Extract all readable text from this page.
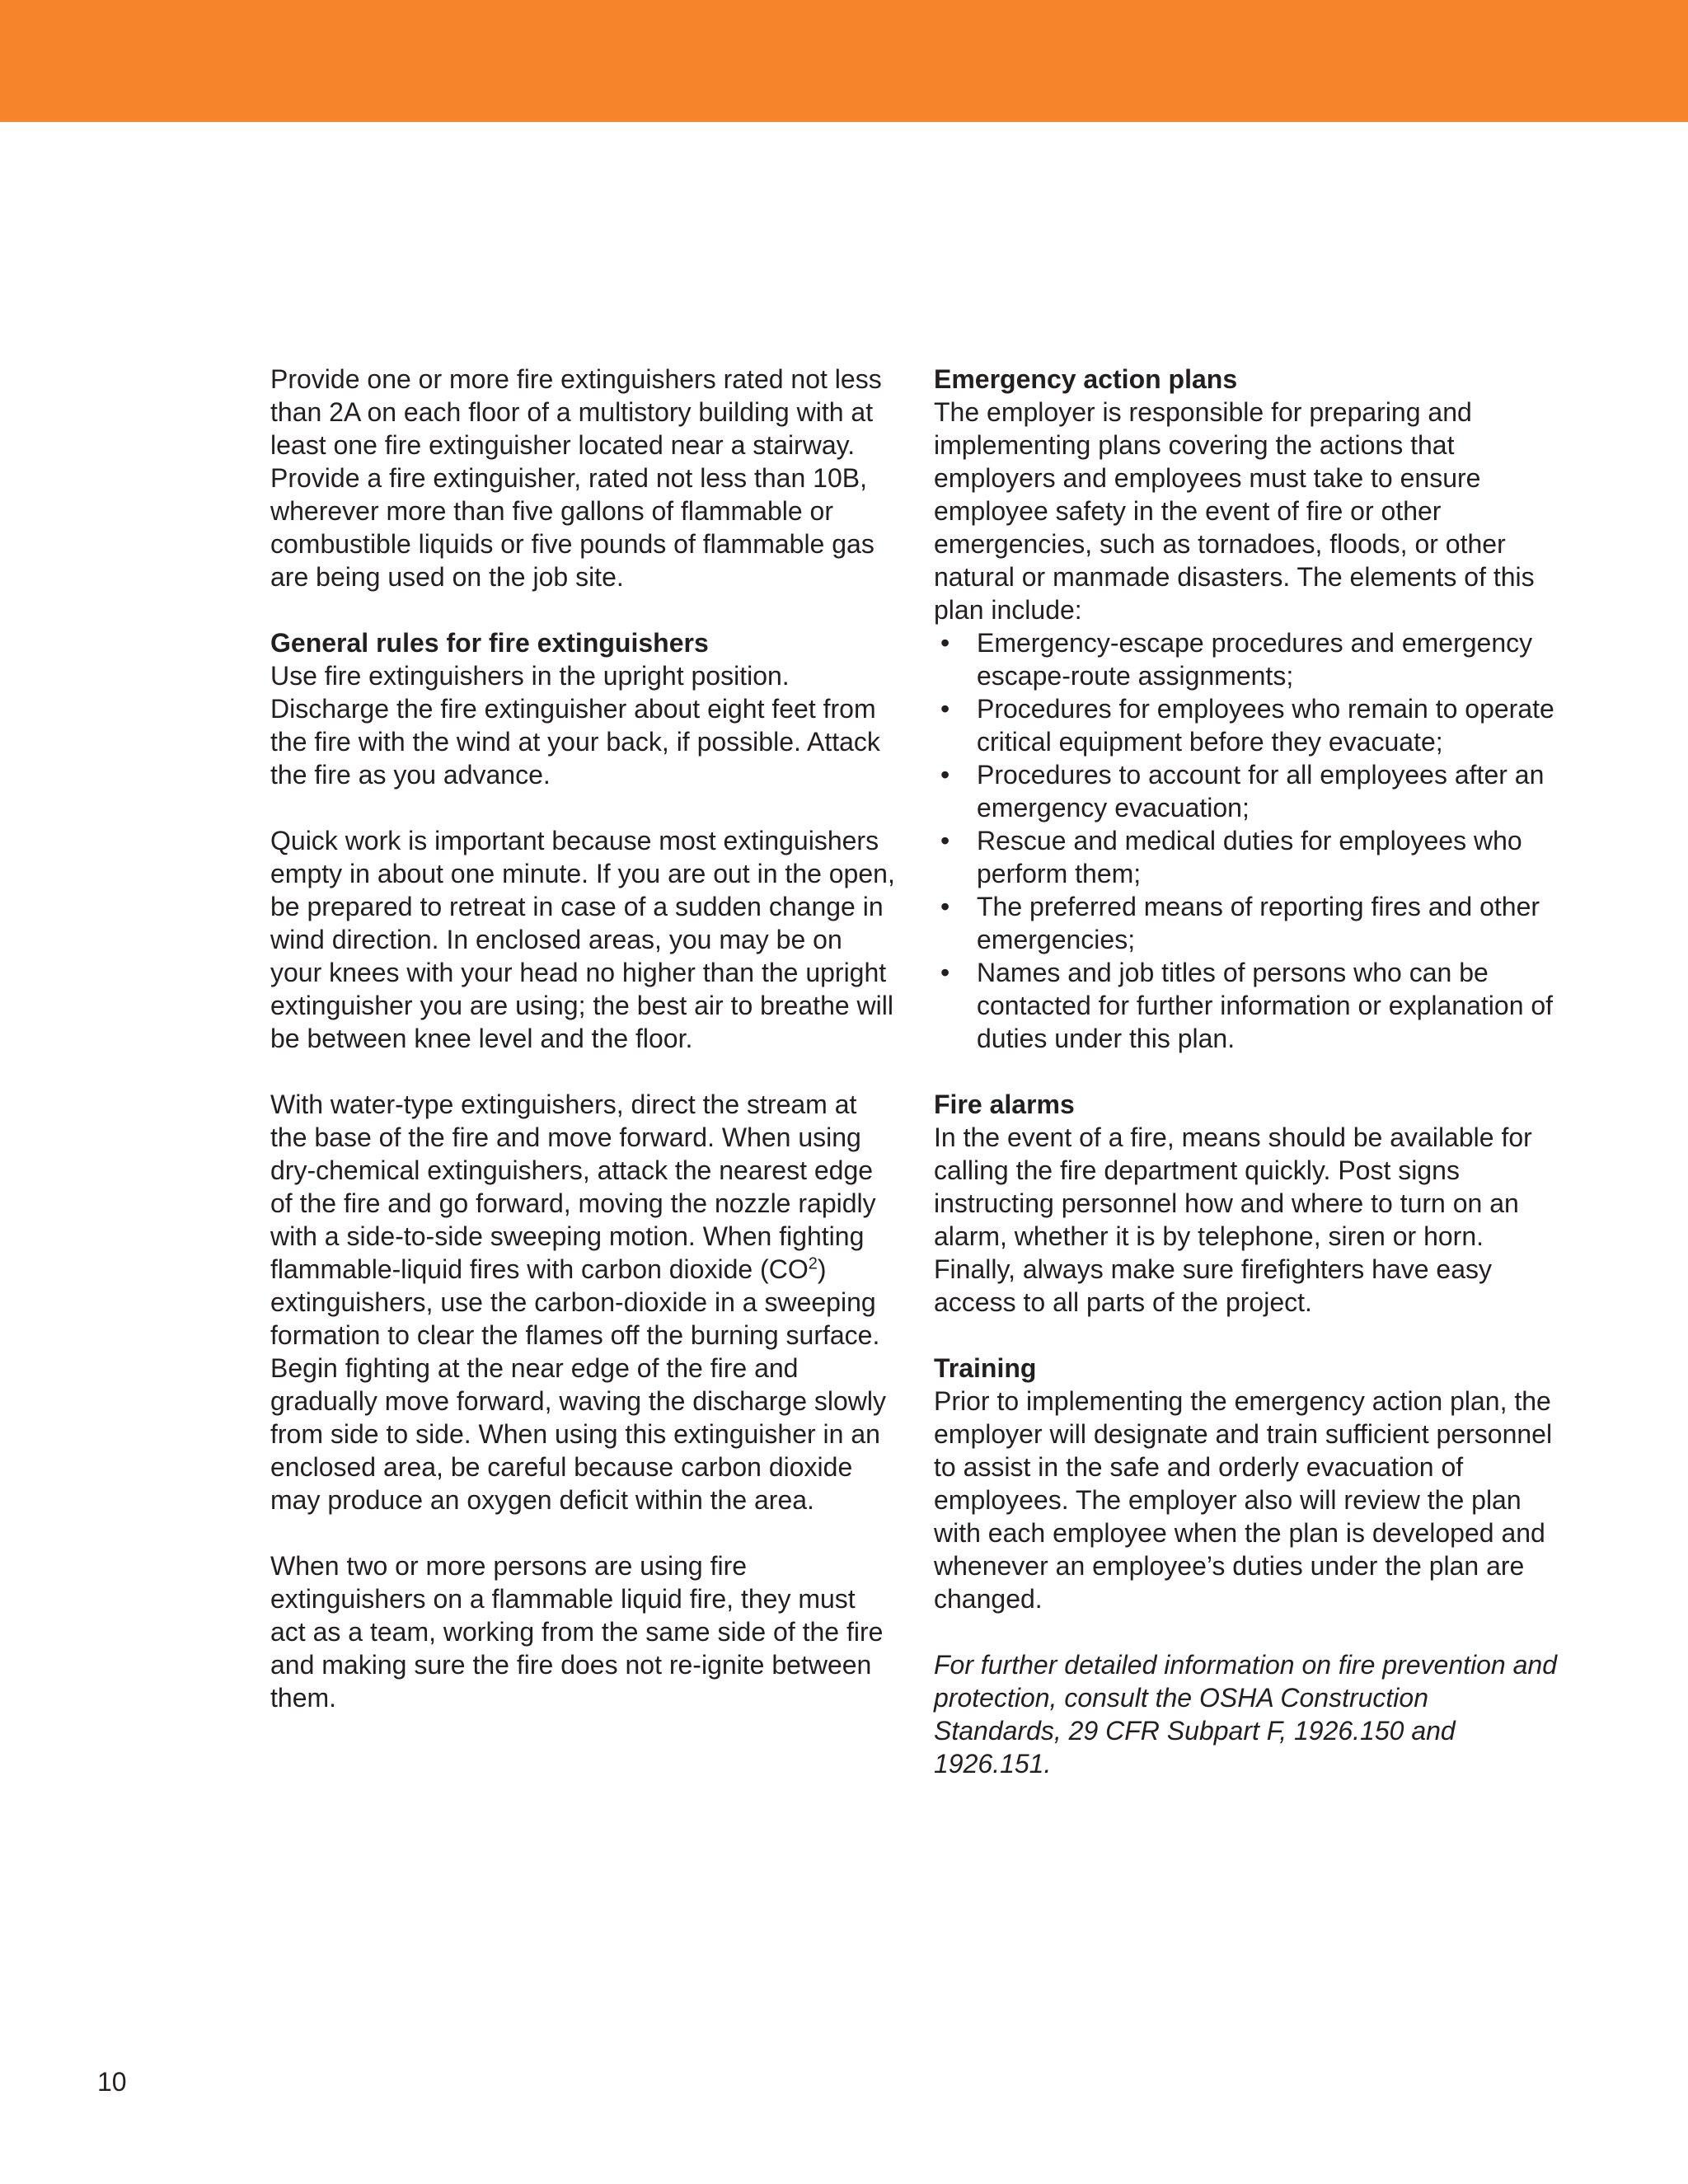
Provide one or more fire extinguishers rated not less than 2A on each floor of a multistory building with at least one fire extinguisher located near a stairway. Provide a fire extinguisher, rated not less than 10B, wherever more than five gallons of flammable or combustible liquids or five pounds of flammable gas are being used on the job site.

General rules for fire extinguishers

Use fire extinguishers in the upright position. Discharge the fire extinguisher about eight feet from the fire with the wind at your back, if possible. Attack the fire as you advance.

Quick work is important because most extinguishers empty in about one minute. If you are out in the open, be prepared to retreat in case of a sudden change in wind direction. In enclosed areas, you may be on your knees with your head no higher than the upright extinguisher you are using; the best air to breathe will be between knee level and the floor.

With water-type extinguishers, direct the stream at the base of the fire and move forward. When using dry-chemical extinguishers, attack the nearest edge of the fire and go forward, moving the nozzle rapidly with a side-to-side sweeping motion. When fighting flammable-liquid fires with carbon dioxide $(CO^2)$ extinguishers, use the carbon-dioxide in a sweeping formation to clear the flames off the burning surface. Begin fighting at the near edge of the fire and gradually move forward, waving the discharge slowly from side to side. When using this extinguisher in an enclosed area, be careful because carbon dioxide may produce an oxygen deficit within the area.

When two or more persons are using fire extinguishers on a flammable liquid fire, they must act as a team, working from the same side of the fire and making sure the fire does not re-ignite between them.

Emergency action plans

The employer is responsible for preparing and implementing plans covering the actions that employers and employees must take to ensure employee safety in the event of fire or other emergencies, such as tornadoes, floods, or other natural or manmade disasters. The elements of this plan include:

• Emergency-escape procedures and emergency escape-route assignments;
• Procedures for employees who remain to operate critical equipment before they evacuate;
• Procedures to account for all employees after an emergency evacuation;
• Rescue and medical duties for employees who perform them;
• The preferred means of reporting fires and other emergencies;
• Names and job titles of persons who can be contacted for further information or explanation of duties under this plan.
Fire alarms

In the event of a fire, means should be available for calling the fire department quickly. Post signs instructing personnel how and where to turn on an alarm, whether it is by telephone, siren or horn. Finally, always make sure firefighters have easy access to all parts of the project.

Training

Prior to implementing the emergency action plan, the employer will designate and train sufficient personnel to assist in the safe and orderly evacuation of employees. The employer also will review the plan with each employee when the plan is developed and whenever an employee’s duties under the plan are changed.

For further detailed information on fire prevention and protection, consult the OSHA Construction Standards, 29 CFR Subpart F, 1926.150 and 1926.151.

10
